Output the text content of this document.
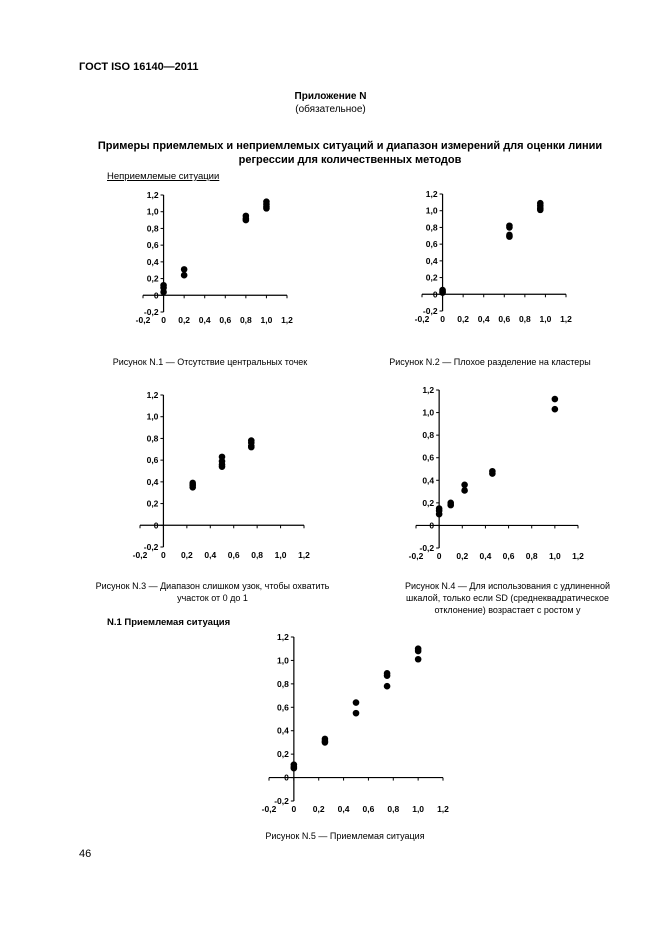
ГОСТ ISO 16140—2011
Приложение N
(обязательное)
Примеры приемлемых и неприемлемых ситуаций и диапазон измерений для оценки линии регрессии для количественных методов
Неприемлемые ситуации
-0,2 0 0,2 0,4 0,6 0,8 1,0 1,2
-0,2
0
0,2
0,4
0,6
0,8
1,0
1,2
Рисунок N.1 — Отсутствие центральных точек
-0,2 0 0,2 0,4 0,6 0,8 1,0 1,2
-0,2
0
0,2
0,4
0,6
0,8
1,0
1,2
Рисунок N.2 — Плохое разделение на кластеры
-0,2 0 0,2 0,4 0,6 0,8 1,0 1,2
-0,2
0
0,2
0,4
0,6
0,8
1,0
1,2
Рисунок N.3 — Диапазон слишком узок, чтобы охватить участок от 0 до 1
-0,2 0 0,2 0,4 0,6 0,8 1,0 1,2
-0,2
0
0,2
0,4
0,6
0,8
1,0
1,2
Рисунок N.4 — Для использования с удлиненной шкалой, только если SD (среднеквадратическое отклонение) возрастает с ростом y
N.1 Приемлемая ситуация
-0,2 0 0,2 0,4 0,6 0,8 1,0 1,2
-0,2
0
0,2
0,4
0,6
0,8
1,0
1,2
Рисунок N.5 — Приемлемая ситуация
46
